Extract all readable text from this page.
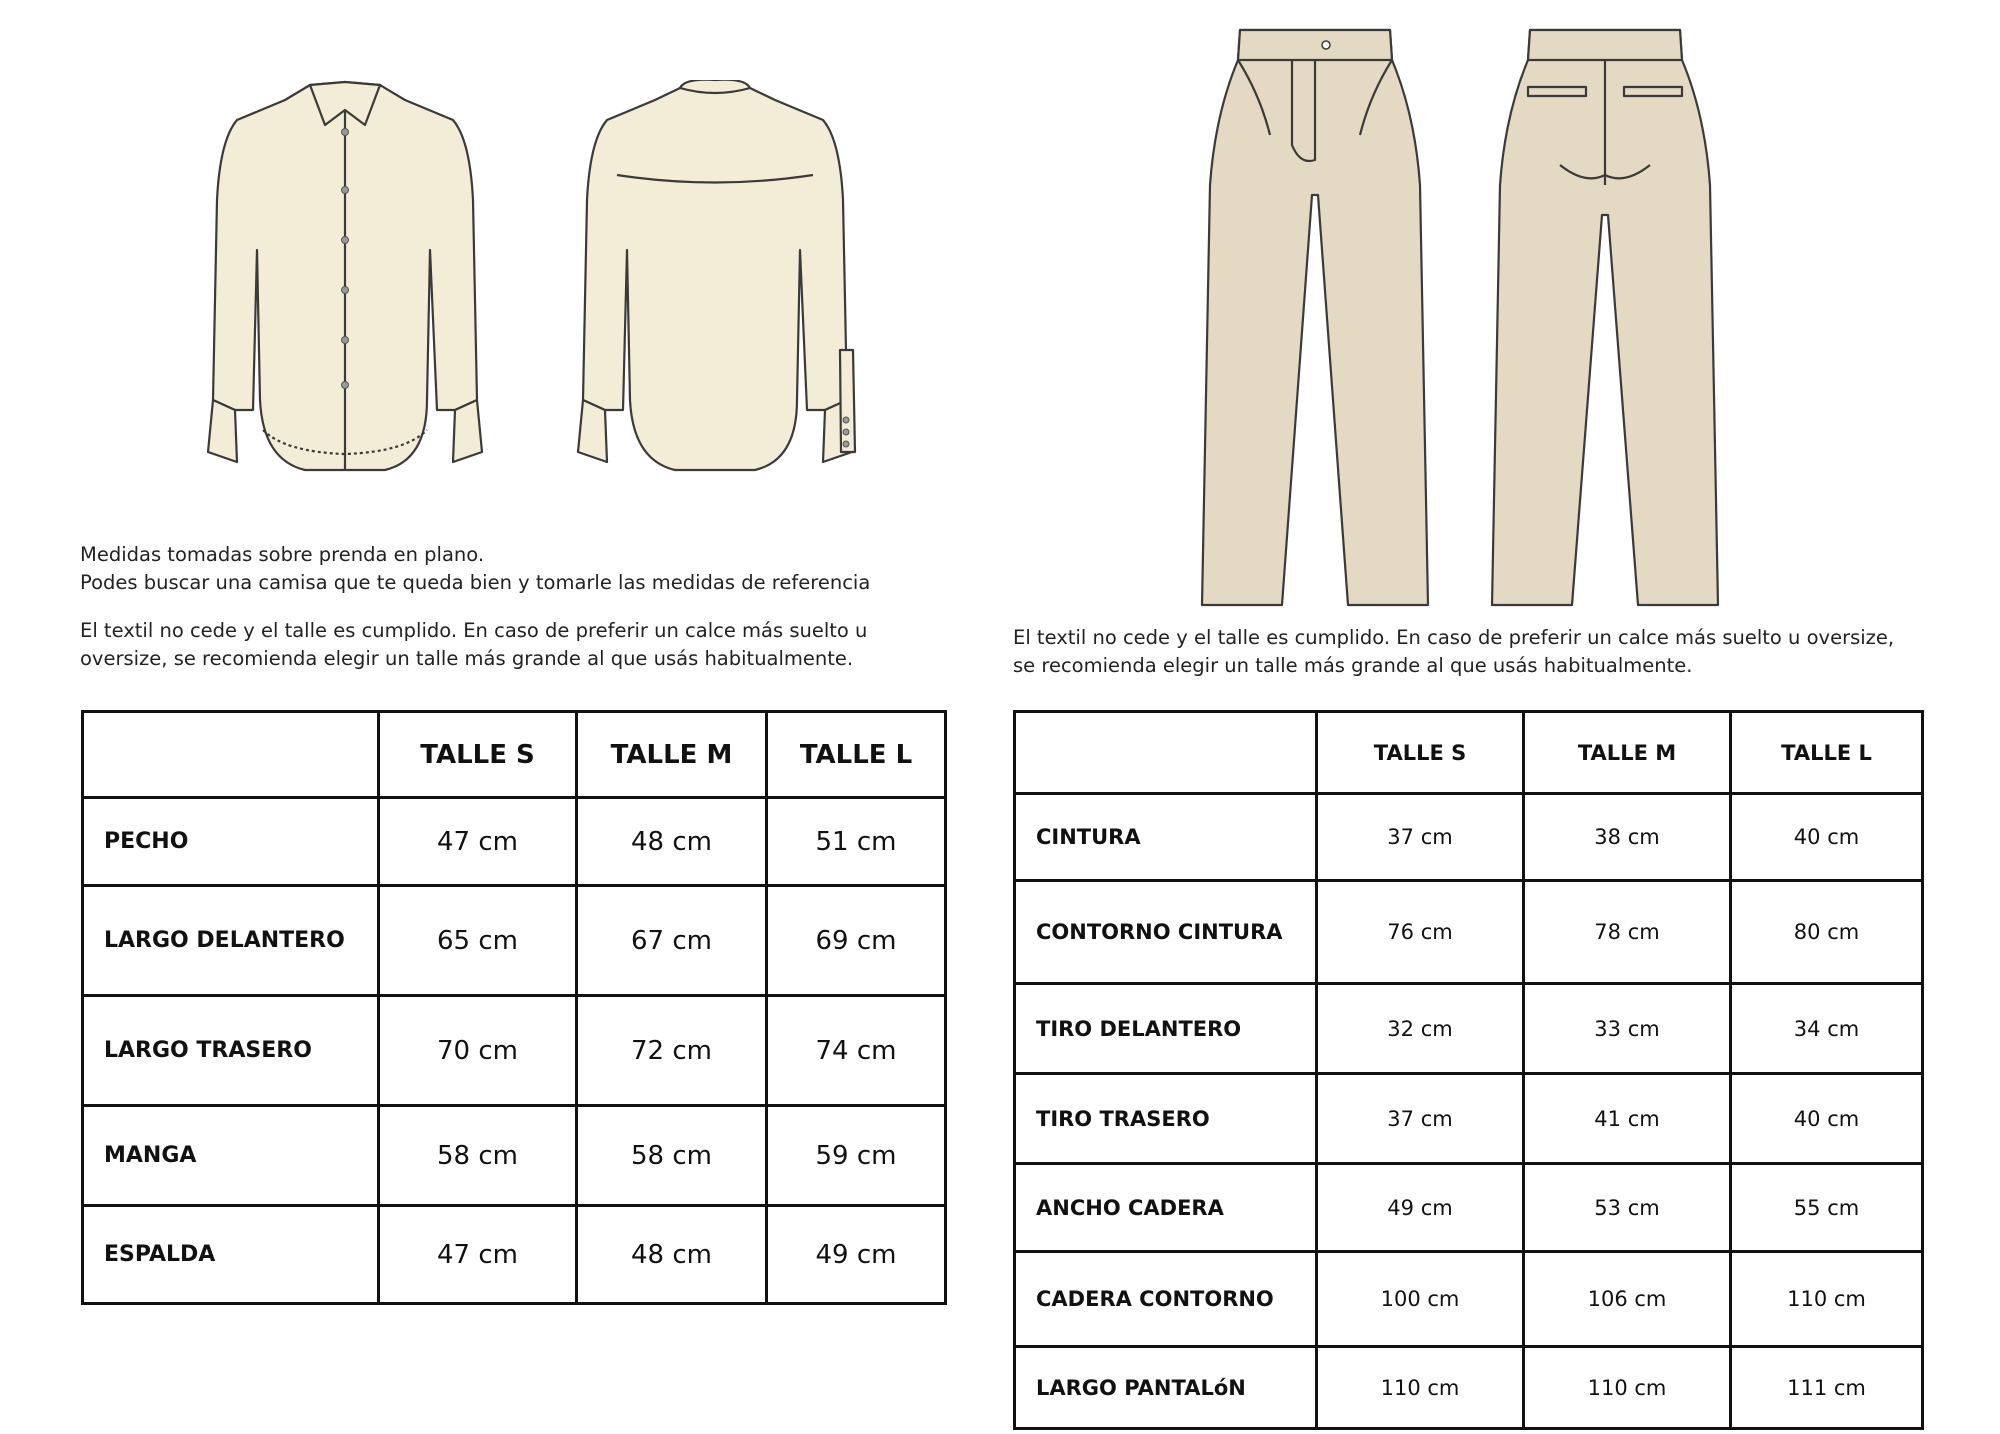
Medidas tomadas sobre prenda en plano.

Podes buscar una camisa que te queda bien y tomarle las medidas de referencia

El textil no cede y el talle es cumplido. En caso de preferir un calce más suelto u

oversize, se recomienda elegir un talle más grande al que usás habitualmente.

El textil no cede y el talle es cumplido. En caso de preferir un calce más suelto u oversize,

se recomienda elegir un talle más grande al que usás habitualmente.

	TALLE S	TALLE M	TALLE L
PECHO	47 cm	48 cm	51 cm
LARGO DELANTERO	65 cm	67 cm	69 cm
LARGO TRASERO	70 cm	72 cm	74 cm
MANGA	58 cm	58 cm	59 cm
ESPALDA	47 cm	48 cm	49 cm
	TALLE S	TALLE M	TALLE L
CINTURA	37 cm	38 cm	40 cm
CONTORNO CINTURA	76 cm	78 cm	80 cm
TIRO DELANTERO	32 cm	33 cm	34 cm
TIRO TRASERO	37 cm	41 cm	40 cm
ANCHO CADERA	49 cm	53 cm	55 cm
CADERA CONTORNO	100 cm	106 cm	110 cm
LARGO PANTALóN	110 cm	110 cm	111 cm
